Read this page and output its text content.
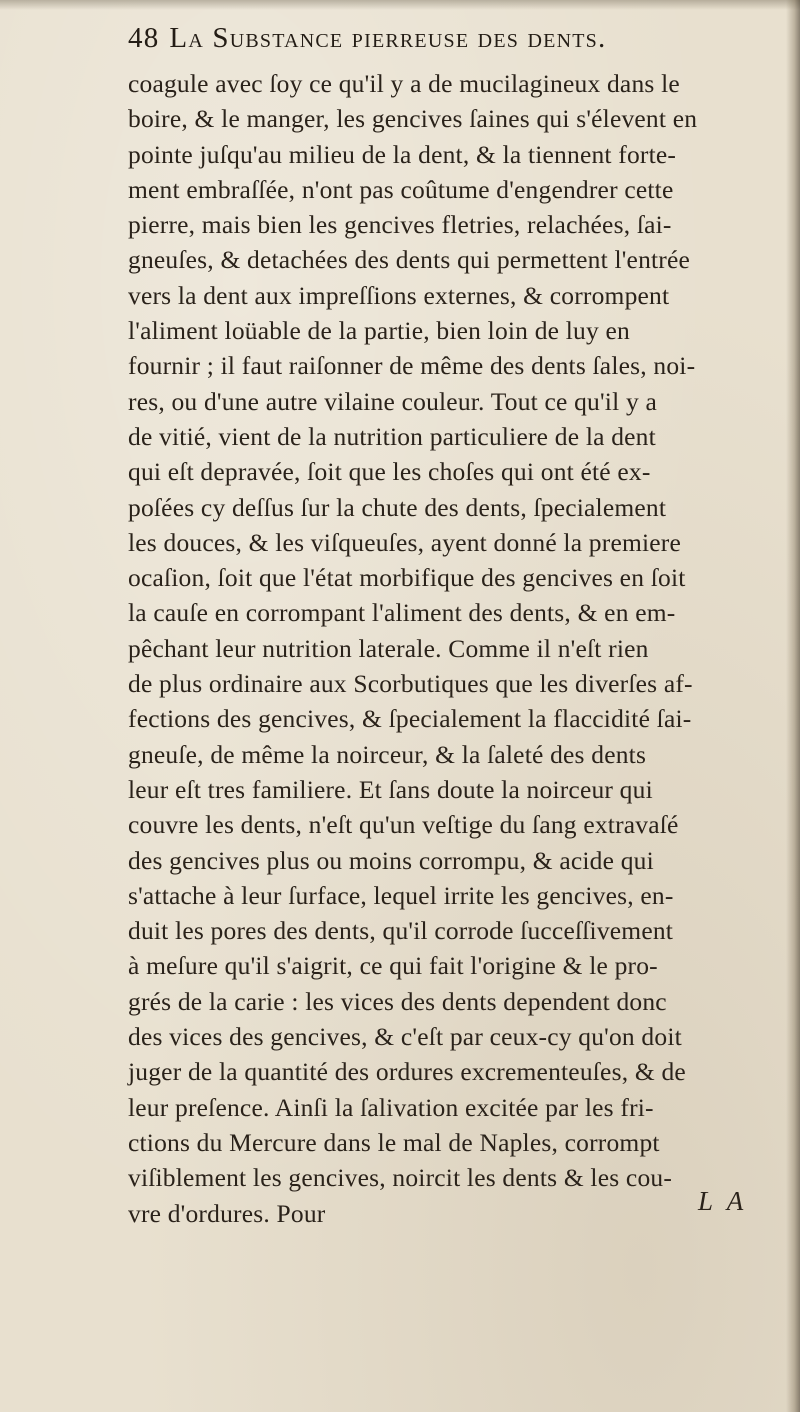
48 La Substance pierreuse des dents.
coagule avec ſoy ce qu'il y a de mucilagineux dans le
boire, & le manger, les gencives ſaines qui s'élevent en
pointe juſqu'au milieu de la dent, & la tiennent forte-
ment embraſſée, n'ont pas coûtume d'engendrer cette
pierre, mais bien les gencives fletries, relachées, ſai-
gneuſes, & detachées des dents qui permettent l'entrée
vers la dent aux impreſſions externes, & corrompent
l'aliment loüable de la partie, bien loin de luy en
fournir ; il faut raiſonner de même des dents ſales, noi-
res, ou d'une autre vilaine couleur. Tout ce qu'il y a
de vitié, vient de la nutrition particuliere de la dent
qui eſt depravée, ſoit que les choſes qui ont été ex-
poſées cy deſſus ſur la chute des dents, ſpecialement
les douces, & les viſqueuſes, ayent donné la premiere
ocaſion, ſoit que l'état morbifique des gencives en ſoit
la cauſe en corrompant l'aliment des dents, & en em-
pêchant leur nutrition laterale. Comme il n'eſt rien
de plus ordinaire aux Scorbutiques que les diverſes af-
fections des gencives, & ſpecialement la flaccidité ſai-
gneuſe, de même la noirceur, & la ſaleté des dents
leur eſt tres familiere. Et ſans doute la noirceur qui
couvre les dents, n'eſt qu'un veſtige du ſang extravaſé
des gencives plus ou moins corrompu, & acide qui
s'attache à leur ſurface, lequel irrite les gencives, en-
duit les pores des dents, qu'il corrode ſucceſſivement
à meſure qu'il s'aigrit, ce qui fait l'origine & le pro-
grés de la carie : les vices des dents dependent donc
des vices des gencives, & c'eſt par ceux-cy qu'on doit
juger de la quantité des ordures excrementeuſes, & de
leur preſence. Ainſi la ſalivation excitée par les fri-
ctions du Mercure dans le mal de Naples, corrompt
viſiblement les gencives, noircit les dents & les cou-
vre d'ordures. Pour	L A
